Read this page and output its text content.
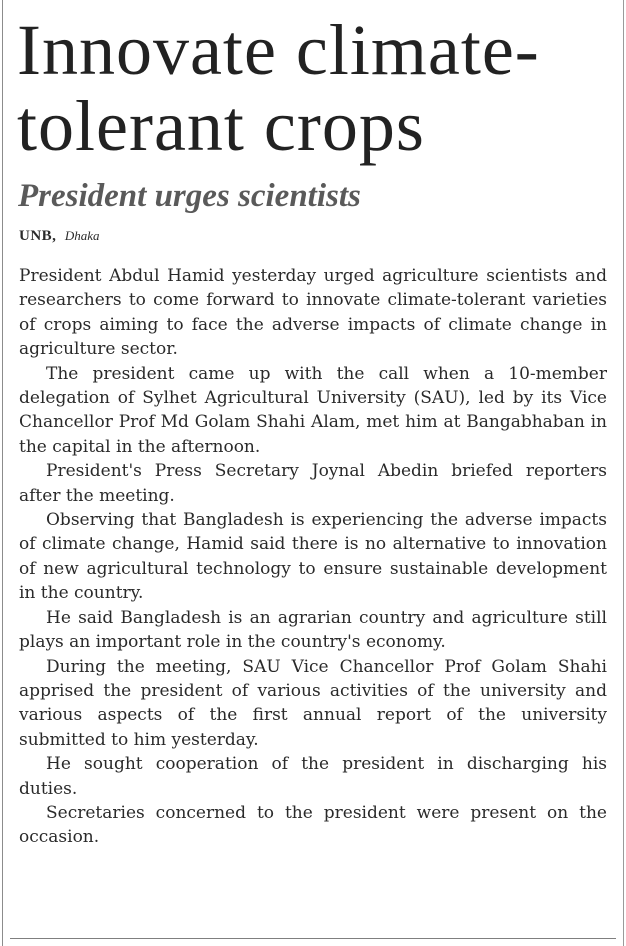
Innovate climate-tolerant crops
President urges scientists
UNB, Dhaka

President Abdul Hamid yesterday urged agriculture scientists and researchers to come forward to innovate climate-tolerant varieties of crops aiming to face the adverse impacts of climate change in agriculture sector.

The president came up with the call when a 10-member delegation of Sylhet Agricultural University (SAU), led by its Vice Chancellor Prof Md Golam Shahi Alam, met him at Bangabhaban in the capital in the afternoon.

President's Press Secretary Joynal Abedin briefed reporters after the meeting.

Observing that Bangladesh is experiencing the adverse impacts of climate change, Hamid said there is no alternative to innovation of new agricultural technology to ensure sustainable development in the country.

He said Bangladesh is an agrarian country and agriculture still plays an important role in the country's economy.

During the meeting, SAU Vice Chancellor Prof Golam Shahi apprised the president of various activities of the university and various aspects of the first annual report of the university submitted to him yesterday.

He sought cooperation of the president in discharging his duties.

Secretaries concerned to the president were present on the occasion.
